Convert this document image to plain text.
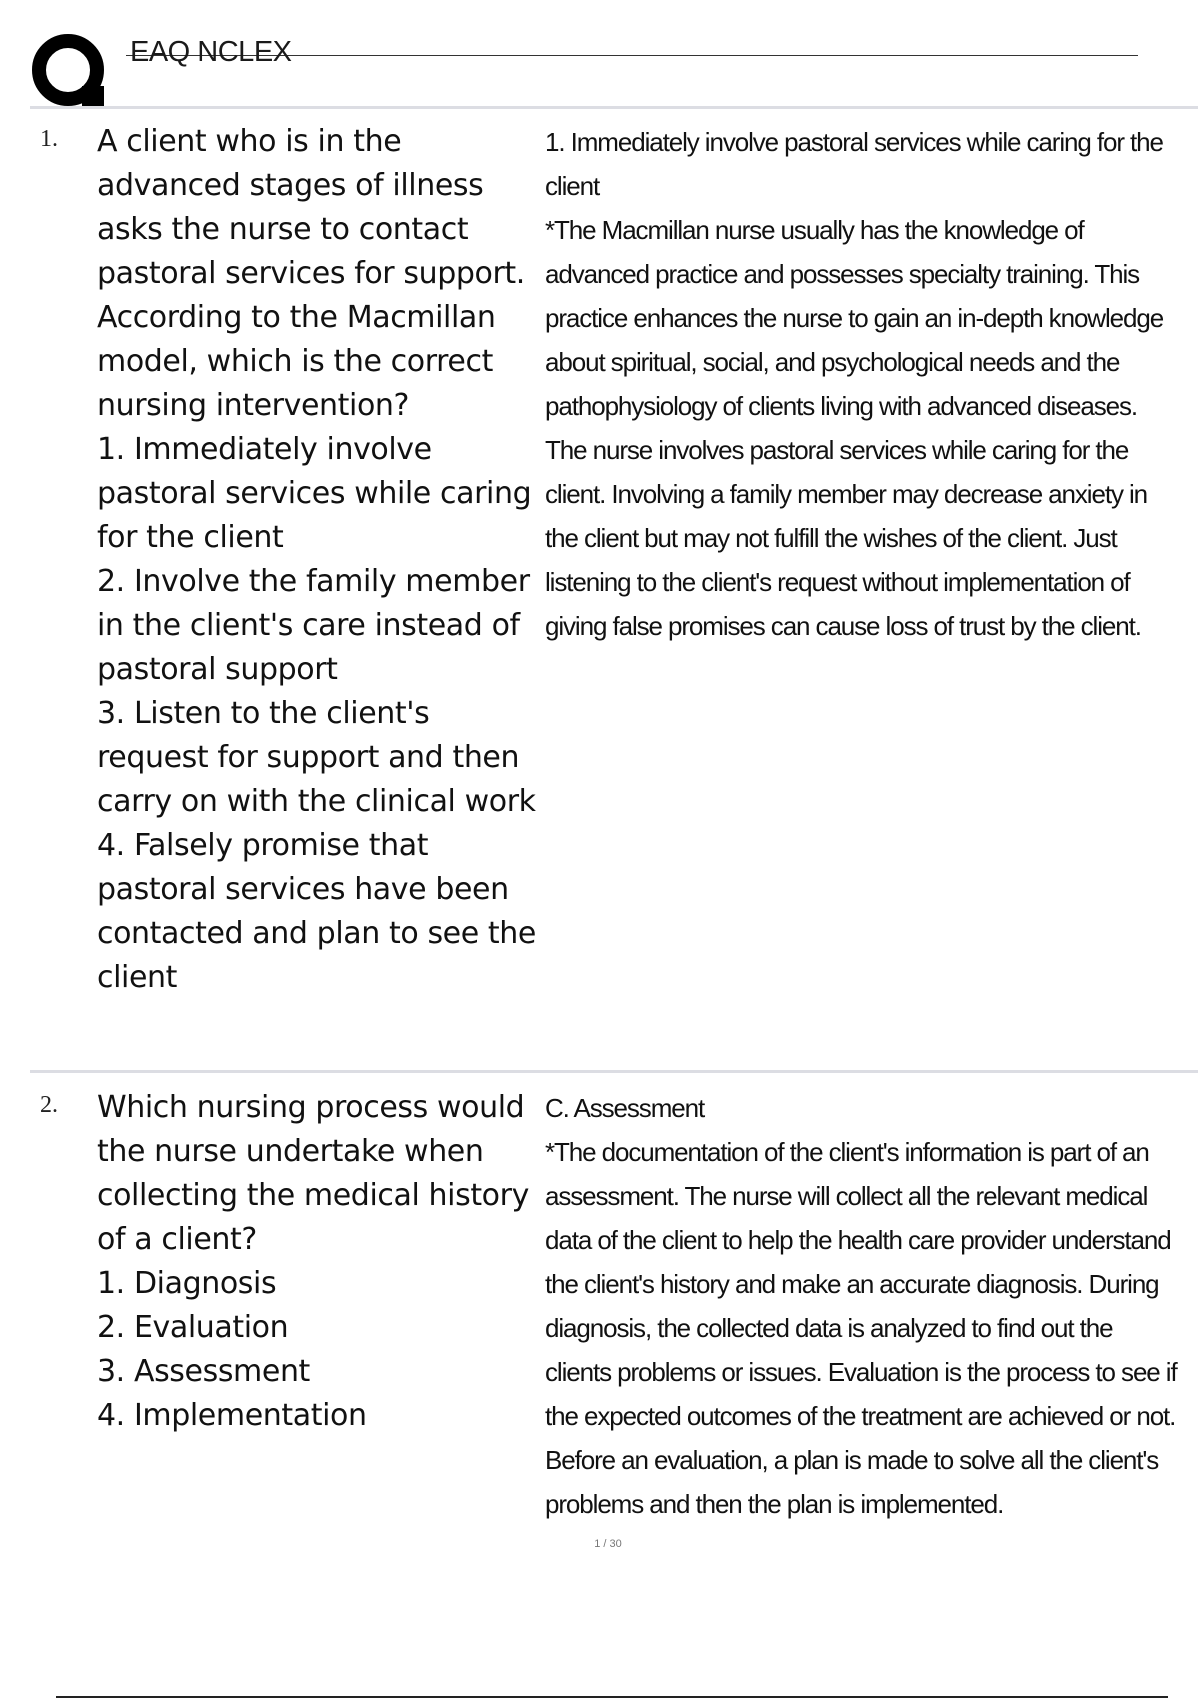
EAQ NCLEX
1. A client who is in the advanced stages of illness asks the nurse to contact pastoral services for support. According to the Macmillan model, which is the correct nursing intervention?
1. Immediately involve pastoral services while caring for the client
2. Involve the family member in the client's care instead of pastoral support
3. Listen to the client's request for support and then carry on with the clinical work
4. Falsely promise that pastoral services have been contacted and plan to see the client
1. Immediately involve pastoral services while caring for the client
*The Macmillan nurse usually has the knowledge of advanced practice and possesses specialty training. This practice enhances the nurse to gain an in-depth knowledge about spiritual, social, and psychological needs and the pathophysiology of clients living with advanced diseases. The nurse involves pastoral services while caring for the client. Involving a family member may decrease anxiety in the client but may not fulfill the wishes of the client. Just listening to the client's request without implementation of giving false promises can cause loss of trust by the client.
2. Which nursing process would the nurse undertake when collecting the medical history of a client?
1. Diagnosis
2. Evaluation
3. Assessment
4. Implementation
C. Assessment
*The documentation of the client's information is part of an assessment. The nurse will collect all the relevant medical data of the client to help the health care provider understand the client's history and make an accurate diagnosis. During diagnosis, the collected data is analyzed to find out the clients problems or issues. Evaluation is the process to see if the expected outcomes of the treatment are achieved or not. Before an evaluation, a plan is made to solve all the client's problems and then the plan is implemented.
1 / 30
